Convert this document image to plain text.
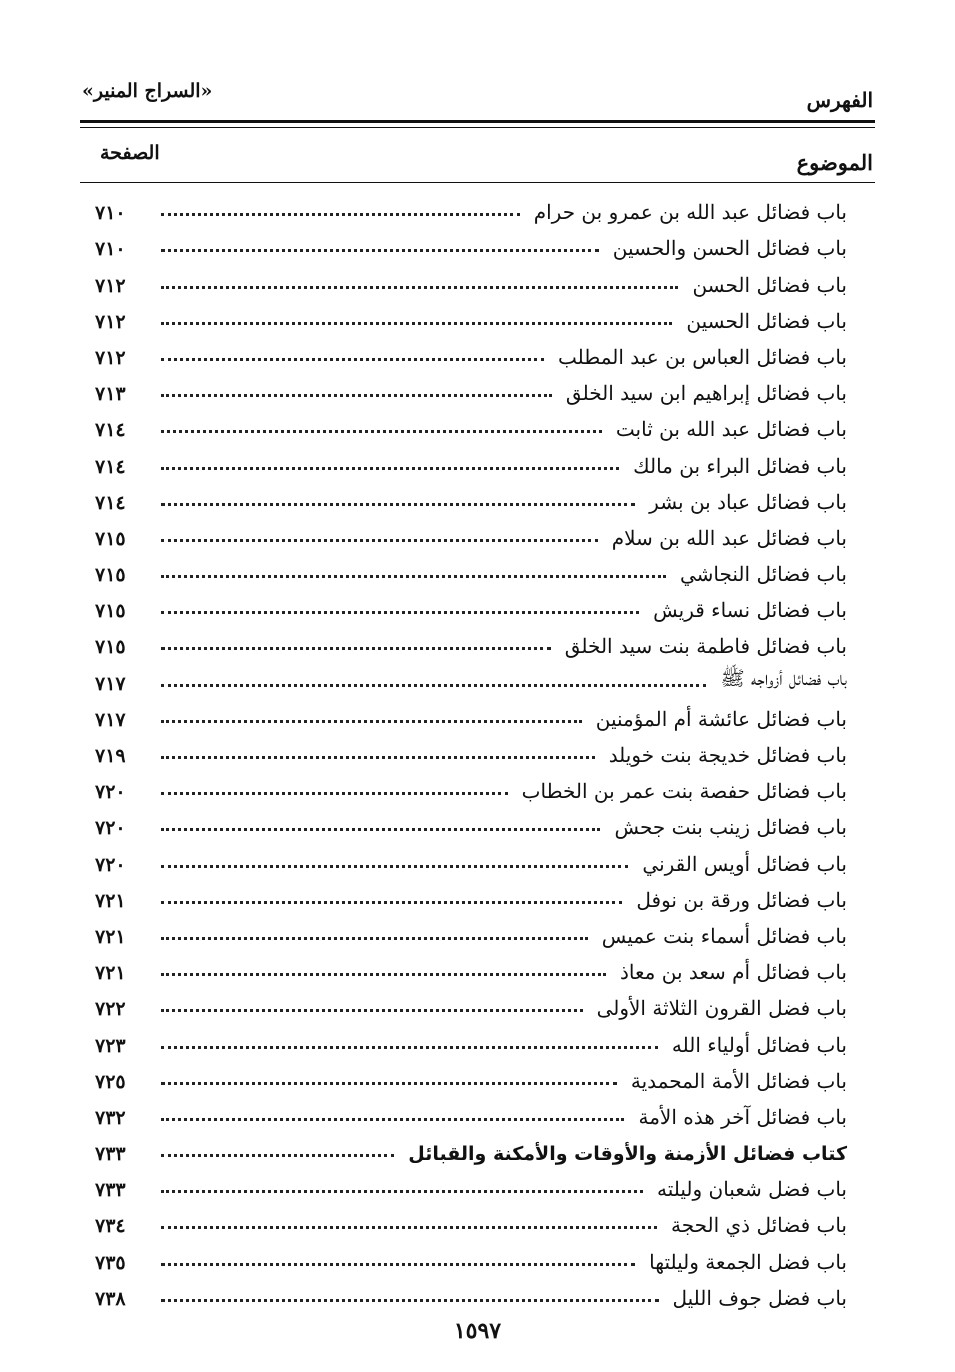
«السراج المنير»	الفهرس
الصفحة	الموضوع
باب فضائل عبد الله بن عمرو بن حرام
٧١٠
باب فضائل الحسن والحسين
٧١٠
باب فضائل الحسن
٧١٢
باب فضائل الحسين
٧١٢
باب فضائل العباس بن عبد المطلب
٧١٢
باب فضائل إبراهيم ابن سيد الخلق
٧١٣
باب فضائل عبد الله بن ثابت
٧١٤
باب فضائل البراء بن مالك
٧١٤
باب فضائل عباد بن بشر
٧١٤
باب فضائل عبد الله بن سلام
٧١٥
باب فضائل النجاشي
٧١٥
باب فضائل نساء قريش
٧١٥
باب فضائل فاطمة بنت سيد الخلق
٧١٥
باب فضائل أزواجه ﷺ
٧١٧
باب فضائل عائشة أم المؤمنين
٧١٧
باب فضائل خديجة بنت خويلد
٧١٩
باب فضائل حفصة بنت عمر بن الخطاب
٧٢٠
باب فضائل زينب بنت جحش
٧٢٠
باب فضائل أويس القرني
٧٢٠
باب فضائل ورقة بن نوفل
٧٢١
باب فضائل أسماء بنت عميس
٧٢١
باب فضائل أم سعد بن معاذ
٧٢١
باب فضل القرون الثلاثة الأولى
٧٢٢
باب فضائل أولياء الله
٧٢٣
باب فضائل الأمة المحمدية
٧٢٥
باب فضائل آخر هذه الأمة
٧٣٢
كتاب فضائل الأزمنة والأوقات والأمكنة والقبائل
٧٣٣
باب فضل شعبان وليلته
٧٣٣
باب فضائل ذي الحجة
٧٣٤
باب فضل الجمعة وليلتها
٧٣٥
باب فضل جوف الليل
٧٣٨
١٥٩٧
